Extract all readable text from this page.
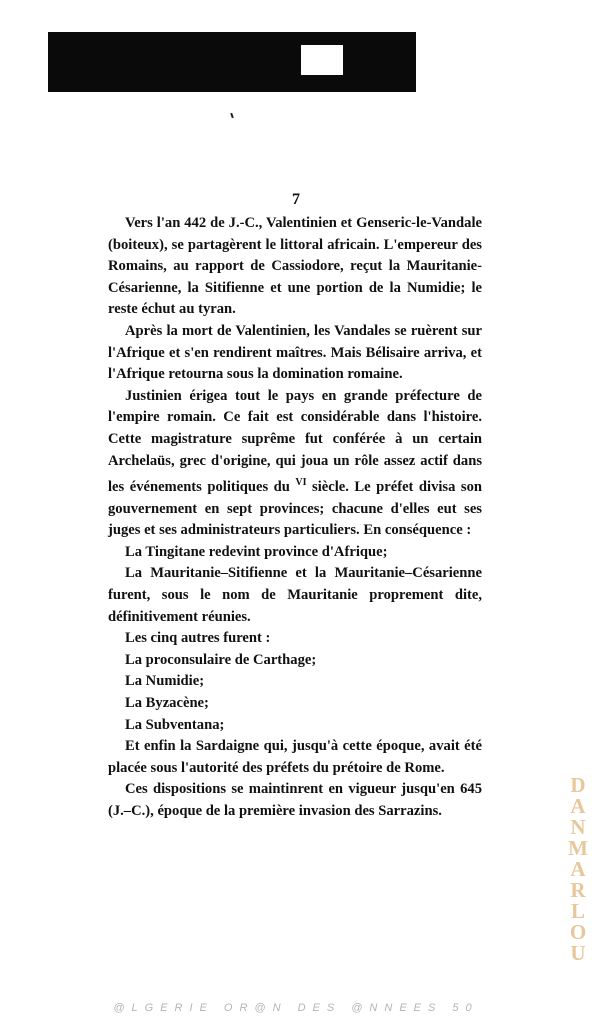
7

Vers l'an 442 de J.-C., Valentinien et Genseric-le-Vandale (boiteux), se partagèrent le littoral africain. L'empereur des Romains, au rapport de Cassiodore, reçut la Mauritanie-Césarienne, la Sitifienne et une portion de la Numidie; le reste échut au tyran.

Après la mort de Valentinien, les Vandales se ruèrent sur l'Afrique et s'en rendirent maîtres. Mais Bélisaire arriva, et l'Afrique retourna sous la domination romaine.

Justinien érigea tout le pays en grande préfecture de l'empire romain. Ce fait est considérable dans l'histoire. Cette magistrature suprême fut conférée à un certain Archelaüs, grec d'origine, qui joua un rôle assez actif dans les événements politiques du $^{VI}$ siècle. Le préfet divisa son gouvernement en sept provinces; chacune d'elles eut ses juges et ses administrateurs particuliers. En conséquence :

La Tingitane redevint province d'Afrique;

La Mauritanie–Sitifienne et la Mauritanie–Césarienne furent, sous le nom de Mauritanie proprement dite, définitivement réunies.

Les cinq autres furent :

La proconsulaire de Carthage;

La Numidie;

La Byzacène;

La Subventana;

Et enfin la Sardaigne qui, jusqu'à cette époque, avait été placée sous l'autorité des préfets du prétoire de Rome.

Ces dispositions se maintinrent en vigueur jusqu'en 645 (J.–C.), époque de la première invasion des Sarrazins.

DANMARLOU
@LGERIE OR@N DES @NNEES 50
